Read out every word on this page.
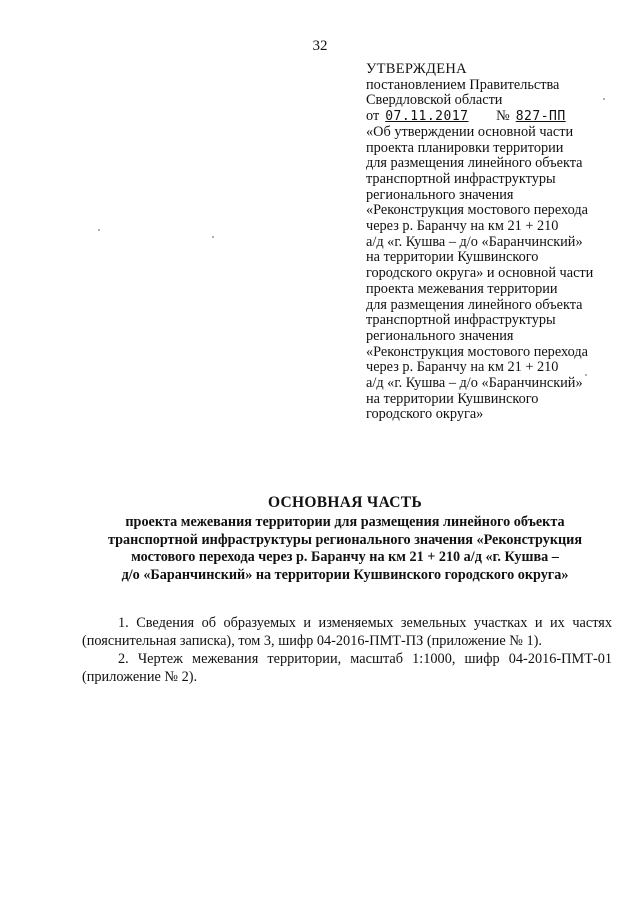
32
УТВЕРЖДЕНА
постановлением Правительства
Свердловской области
от 07.11.2017 № 827-ПП
«Об утверждении основной части
проекта планировки территории
для размещения линейного объекта
транспортной инфраструктуры
регионального значения
«Реконструкция мостового перехода
через р. Баранчу на км 21 + 210
а/д «г. Кушва – д/о «Баранчинский»
на территории Кушвинского
городского округа» и основной части
проекта межевания территории
для размещения линейного объекта
транспортной инфраструктуры
регионального значения
«Реконструкция мостового перехода
через р. Баранчу на км 21 + 210
а/д «г. Кушва – д/о «Баранчинский»
на территории Кушвинского
городского округа»
ОСНОВНАЯ ЧАСТЬ
проекта межевания территории для размещения линейного объекта
транспортной инфраструктуры регионального значения «Реконструкция
мостового перехода через р. Баранчу на км 21 + 210 а/д «г. Кушва –
д/о «Баранчинский» на территории Кушвинского городского округа»

1. Сведения об образуемых и изменяемых земельных участках и их частях (пояснительная записка), том 3, шифр 04-2016-ПМТ-ПЗ (приложение № 1).

2. Чертеж межевания территории, масштаб 1:1000, шифр 04-2016-ПМТ-01 (приложение № 2).
